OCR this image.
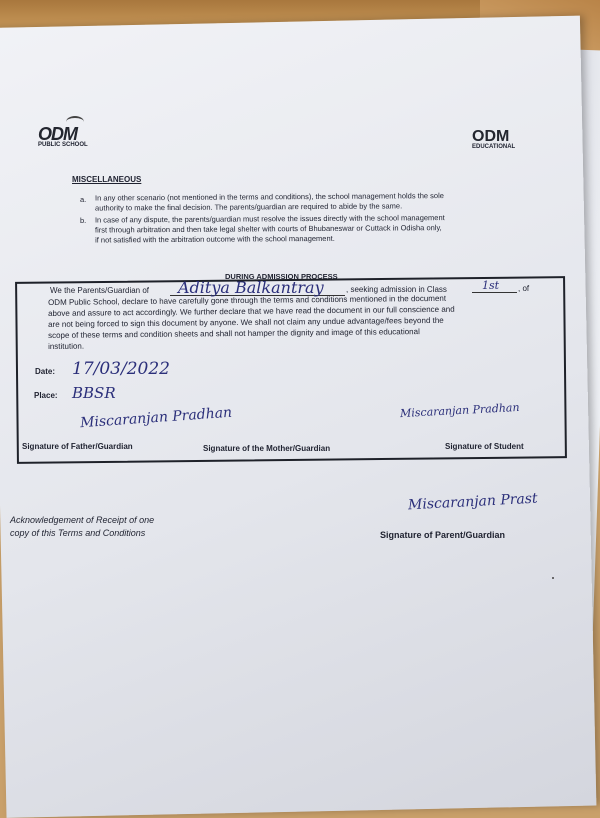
ODM
PUBLIC SCHOOL	ODM
EDUCATIONAL
MISCELLANEOUS
a. In any other scenario (not mentioned in the terms and conditions), the school management holds the sole
authority to make the final decision. The parents/guardian are required to abide by the same.
b. In case of any dispute, the parents/guardian must resolve the issues directly with the school management
first through arbitration and then take legal shelter with courts of Bhubaneswar or Cuttack in Odisha only,
if not satisfied with the arbitration outcome with the school management.
DURING ADMISSION PROCESS
We the Parents/Guardian of Aditya Balkantray	, seeking admission in Class	1st , of
ODM Public School, declare to have carefully gone through the terms and conditions mentioned in the document
above and assure to act accordingly. We further declare that we have read the document in our full conscience and
are not being forced to sign this document by anyone. We shall not claim any undue advantage/fees beyond the
scope of these terms and condition sheets and shall not hamper the dignity and image of this educational
institution.
Date: 17/03/2022
Place: BBSR
Miscaranjan Pradhan	Miscaranjan Pradhan
Signature of Father/Guardian	Signature of the Mother/Guardian	Signature of Student
Acknowledgement of Receipt of one
copy of this Terms and Conditions
Miscaranjan Prast
Signature of Parent/Guardian
